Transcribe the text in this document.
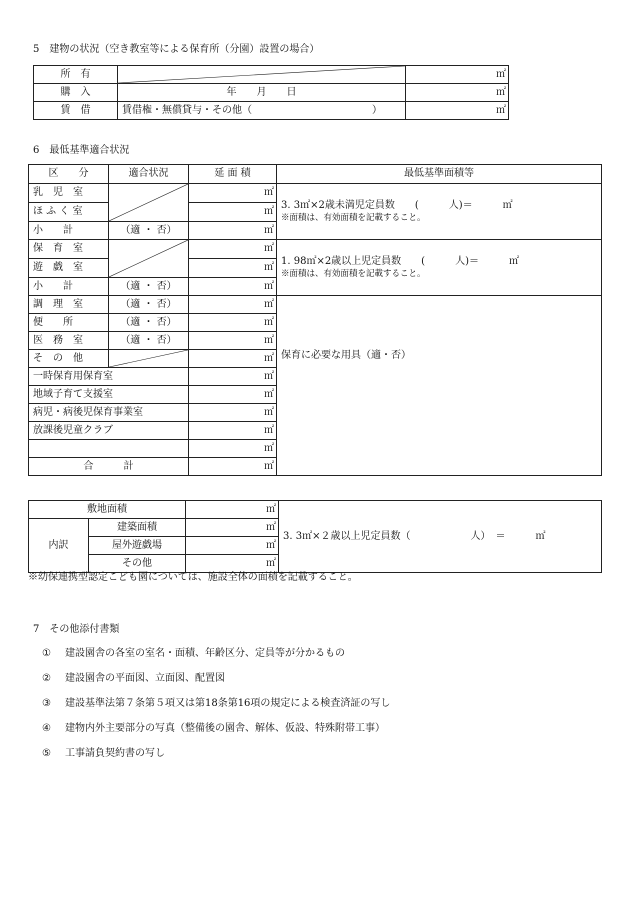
5　建物の状況（空き教室等による保育所（分園）設置の場合）
所　有		㎡
購　入	年　　月　　日	㎡
賃　借	賃借権・無償貸与・その他（　　　　　　　　　　　　）	㎡
6　最低基準適合状況
区　　分	適合状況	延 面 積	最低基準面積等
乳　児　室		㎡	3. 3㎡×2歳未満児定員数　　(　　　人)＝　　　㎡
※面積は、有効面積を記載すること。

ほ ふ く 室		㎡	
小　　計	（適 ・ 否）	㎡	
保　育　室		㎡	1. 98㎡×2歳以上児定員数　　(　　　人)＝　　　㎡
※面積は、有効面積を記載すること。

遊　戯　室		㎡	
小　　計	（適 ・ 否）	㎡	
調　理　室	（適 ・ 否）	㎡	保育に必要な用具（適・否）
便　　所	（適 ・ 否）	㎡	
医　務　室	（適 ・ 否）	㎡	
そ　の　他		㎡	
一時保育用保育室		㎡	
地域子育て支援室		㎡	
病児・病後児保育事業室		㎡	
放課後児童クラブ		㎡	
		㎡	
合　　　計		㎡	
敷地面積		㎡	3. 3㎡×２歳以上児定員数（　　　　　　人）　＝　　　㎡
内訳	建築面積	㎡	
	屋外遊戯場	㎡	
	その他	㎡	
※幼保連携型認定こども園については、施設全体の面積を記載すること。
7　その他添付書類
① 建設園舎の各室の室名・面積、年齢区分、定員等が分かるもの
② 建設園舎の平面図、立面図、配置図
③ 建設基準法第７条第５項又は第18条第16項の規定による検査済証の写し
④ 建物内外主要部分の写真（整備後の園舎、解体、仮設、特殊附帯工事）
⑤ 工事請負契約書の写し
